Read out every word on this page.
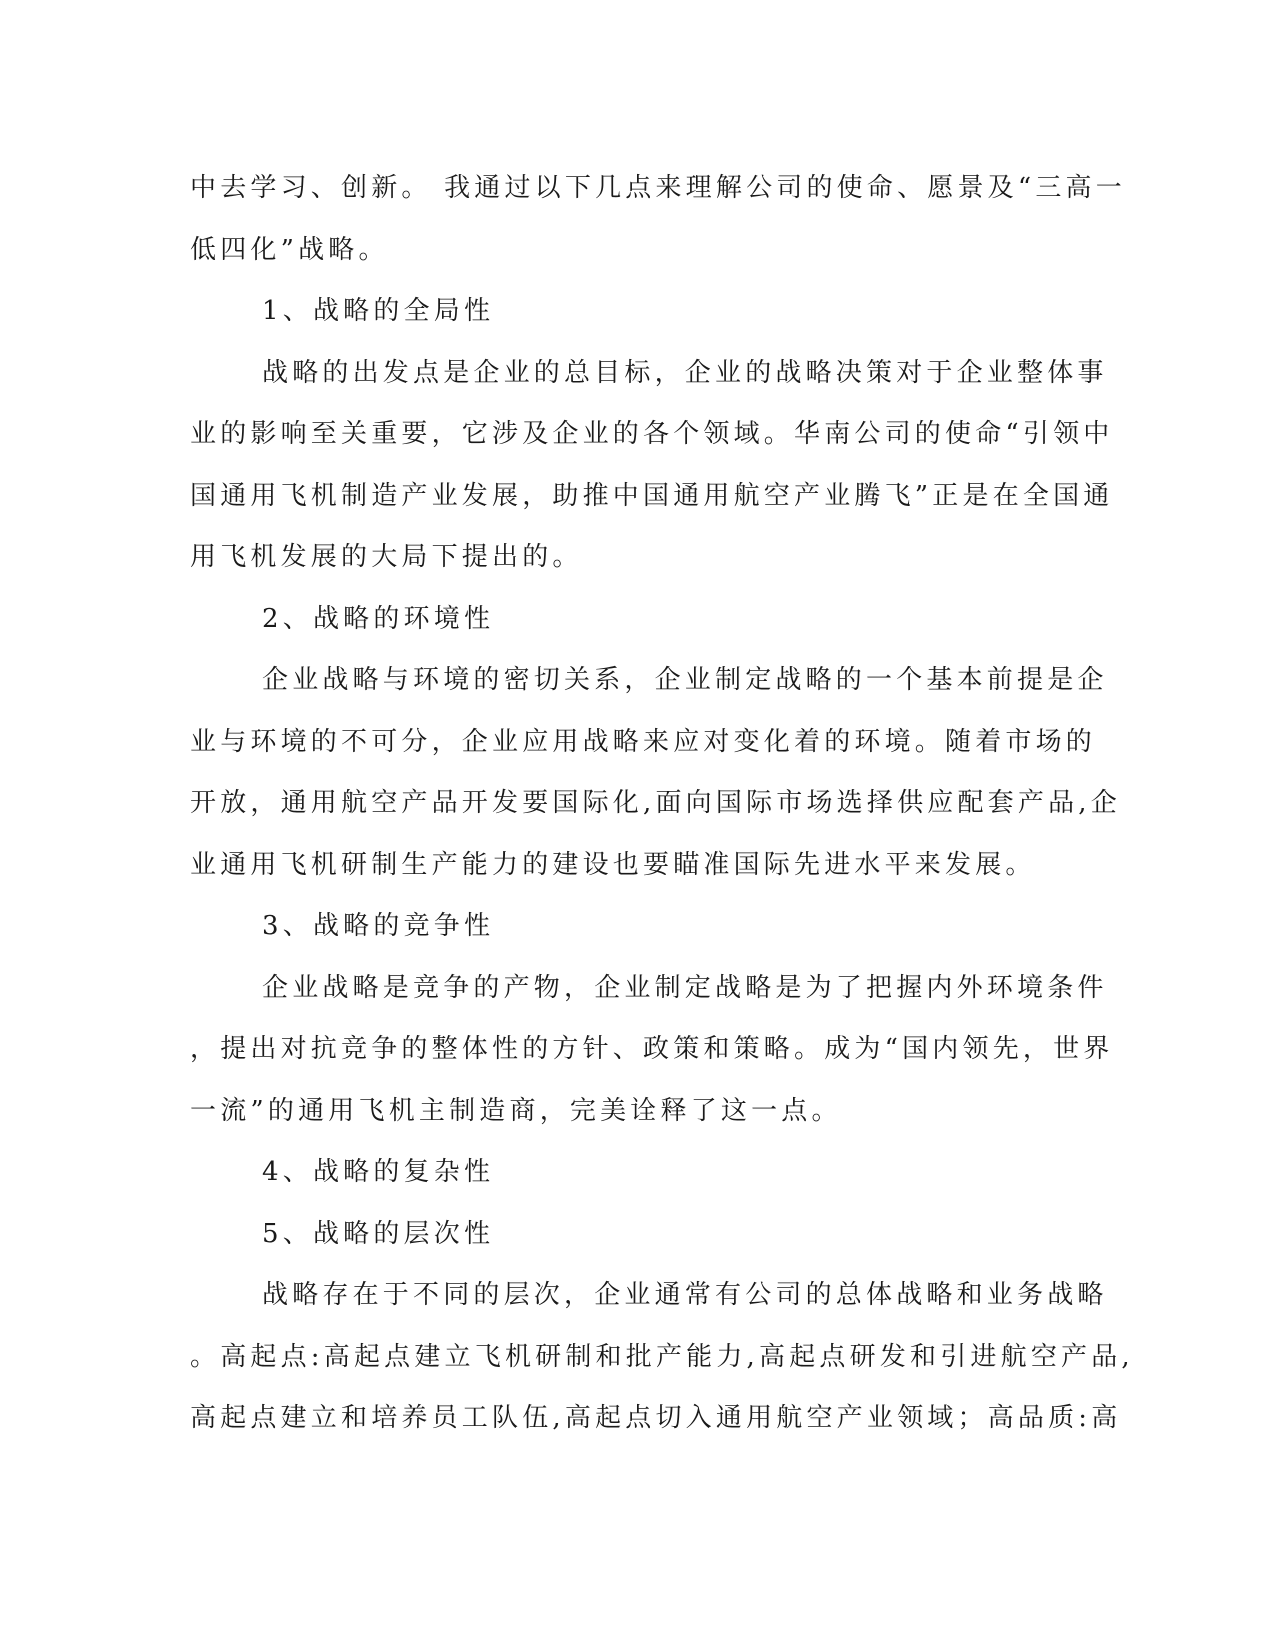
中去学习、创新。 我通过以下几点来理解公司的使命、愿景及“三高一
低四化”战略。
1、战略的全局性
战略的出发点是企业的总目标，企业的战略决策对于企业整体事
业的影响至关重要，它涉及企业的各个领域。华南公司的使命“引领中
国通用飞机制造产业发展，助推中国通用航空产业腾飞”正是在全国通
用飞机发展的大局下提出的。
2、战略的环境性
企业战略与环境的密切关系，企业制定战略的一个基本前提是企
业与环境的不可分，企业应用战略来应对变化着的环境。随着市场的
开放，通用航空产品开发要国际化,面向国际市场选择供应配套产品,企
业通用飞机研制生产能力的建设也要瞄准国际先进水平来发展。
3、战略的竞争性
企业战略是竞争的产物，企业制定战略是为了把握内外环境条件
，提出对抗竞争的整体性的方针、政策和策略。成为“国内领先，世界
一流”的通用飞机主制造商，完美诠释了这一点。
4、战略的复杂性
5、战略的层次性
战略存在于不同的层次，企业通常有公司的总体战略和业务战略
。高起点:高起点建立飞机研制和批产能力,高起点研发和引进航空产品,
高起点建立和培养员工队伍,高起点切入通用航空产业领域；高品质:高
